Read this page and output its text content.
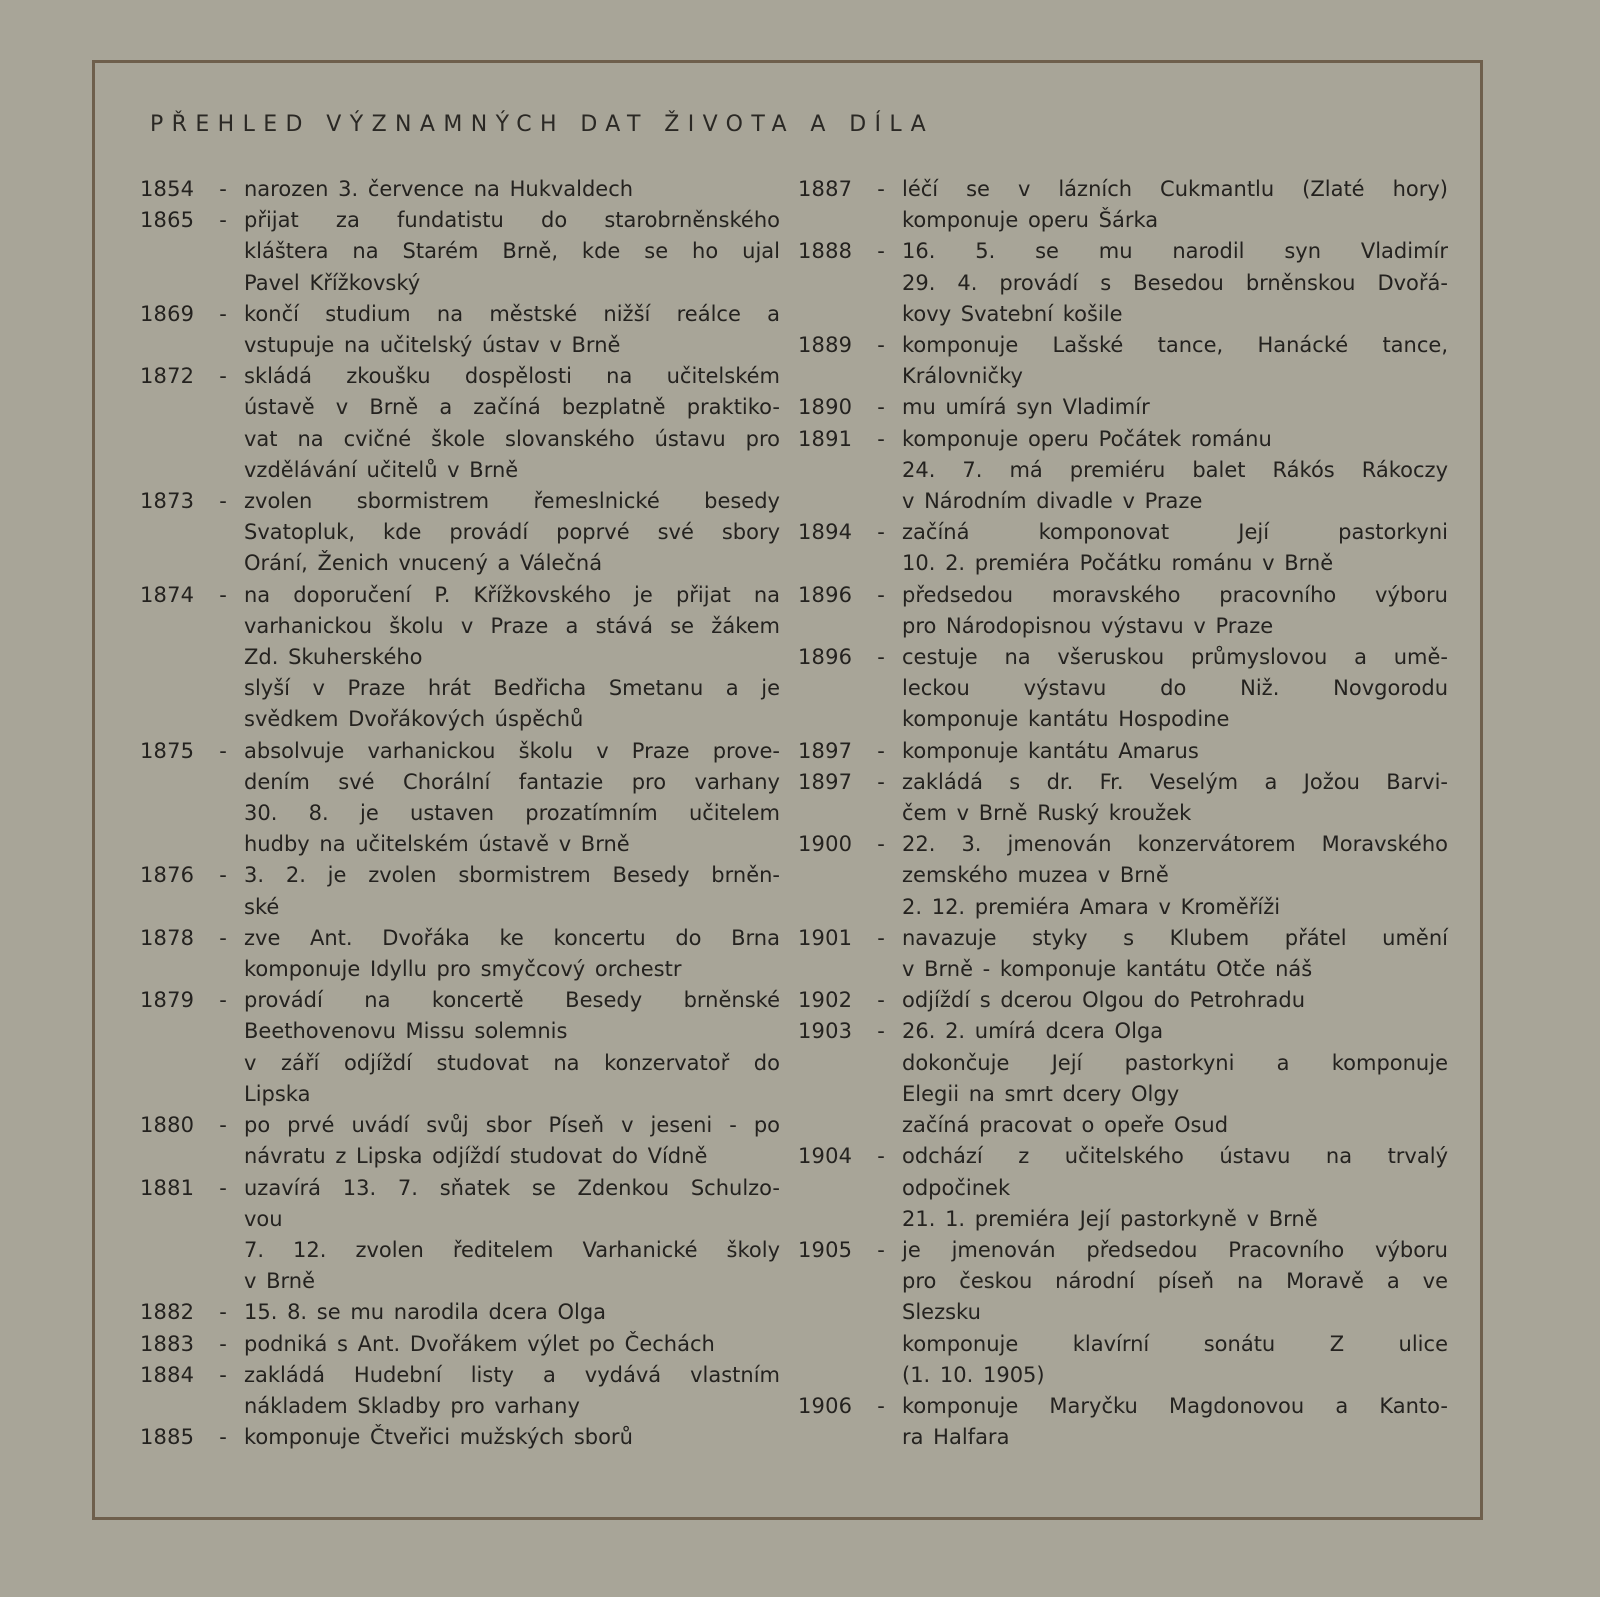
PŘEHLED VÝZNAMNÝCH DAT ŽIVOTA A DÍLA
1854	- narozen 3. července na Hukvaldech
1865	- přijat za fundatistu do starobrněnského
kláštera na Starém Brně, kde se ho ujal
Pavel Křížkovský
1869	- končí studium na městské nižší reálce a
vstupuje na učitelský ústav v Brně
1872	- skládá zkoušku dospělosti na učitelském
ústavě v Brně a začíná bezplatně praktiko-
vat na cvičné škole slovanského ústavu pro
vzdělávání učitelů v Brně
1873	- zvolen sbormistrem řemeslnické besedy
Svatopluk, kde provádí poprvé své sbory
Orání, Ženich vnucený a Válečná
1874	- na doporučení P. Křížkovského je přijat na
varhanickou školu v Praze a stává se žákem
Zd. Skuherského
slyší v Praze hrát Bedřicha Smetanu a je
svědkem Dvořákových úspěchů
1875	- absolvuje varhanickou školu v Praze prove-
dením své Chorální fantazie pro varhany
30. 8. je ustaven prozatímním učitelem
hudby na učitelském ústavě v Brně
1876	- 3. 2. je zvolen sbormistrem Besedy brněn-
ské
1878	- zve Ant. Dvořáka ke koncertu do Brna
komponuje Idyllu pro smyčcový orchestr
1879	- provádí na koncertě Besedy brněnské
Beethovenovu Missu solemnis
v září odjíždí studovat na konzervatoř do
Lipska
1880	- po prvé uvádí svůj sbor Píseň v jeseni - po
návratu z Lipska odjíždí studovat do Vídně
1881	- uzavírá 13. 7. sňatek se Zdenkou Schulzo-
vou
7. 12. zvolen ředitelem Varhanické školy
v Brně
1882	- 15. 8. se mu narodila dcera Olga
1883	- podniká s Ant. Dvořákem výlet po Čechách
1884	- zakládá Hudební listy a vydává vlastním
nákladem Skladby pro varhany
1885	- komponuje Čtveřici mužských sborů
1887	- léčí se v lázních Cukmantlu (Zlaté hory)
komponuje operu Šárka
1888	- 16. 5. se mu narodil syn Vladimír
29. 4. provádí s Besedou brněnskou Dvořá-
kovy Svatební košile
1889	- komponuje Lašské tance, Hanácké tance,
Královničky
1890	- mu umírá syn Vladimír
1891	- komponuje operu Počátek románu
24. 7. má premiéru balet Rákós Rákoczy
v Národním divadle v Praze
1894	- začíná komponovat Její pastorkyni
10. 2. premiéra Počátku románu v Brně
1896	- předsedou moravského pracovního výboru
pro Národopisnou výstavu v Praze
1896	- cestuje na všeruskou průmyslovou a umě-
leckou výstavu do Niž. Novgorodu
komponuje kantátu Hospodine
1897	- komponuje kantátu Amarus
1897	- zakládá s dr. Fr. Veselým a Jožou Barvi-
čem v Brně Ruský kroužek
1900	- 22. 3. jmenován konzervátorem Moravského
zemského muzea v Brně
2. 12. premiéra Amara v Kroměříži
1901	- navazuje styky s Klubem přátel umění
v Brně - komponuje kantátu Otče náš
1902	- odjíždí s dcerou Olgou do Petrohradu
1903	- 26. 2. umírá dcera Olga
dokončuje Její pastorkyni a komponuje
Elegii na smrt dcery Olgy
začíná pracovat o opeře Osud
1904	- odchází z učitelského ústavu na trvalý
odpočinek
21. 1. premiéra Její pastorkyně v Brně
1905	- je jmenován předsedou Pracovního výboru
pro českou národní píseň na Moravě a ve
Slezsku
komponuje klavírní sonátu Z ulice
(1. 10. 1905)
1906	- komponuje Maryčku Magdonovou a Kanto-
ra Halfara
